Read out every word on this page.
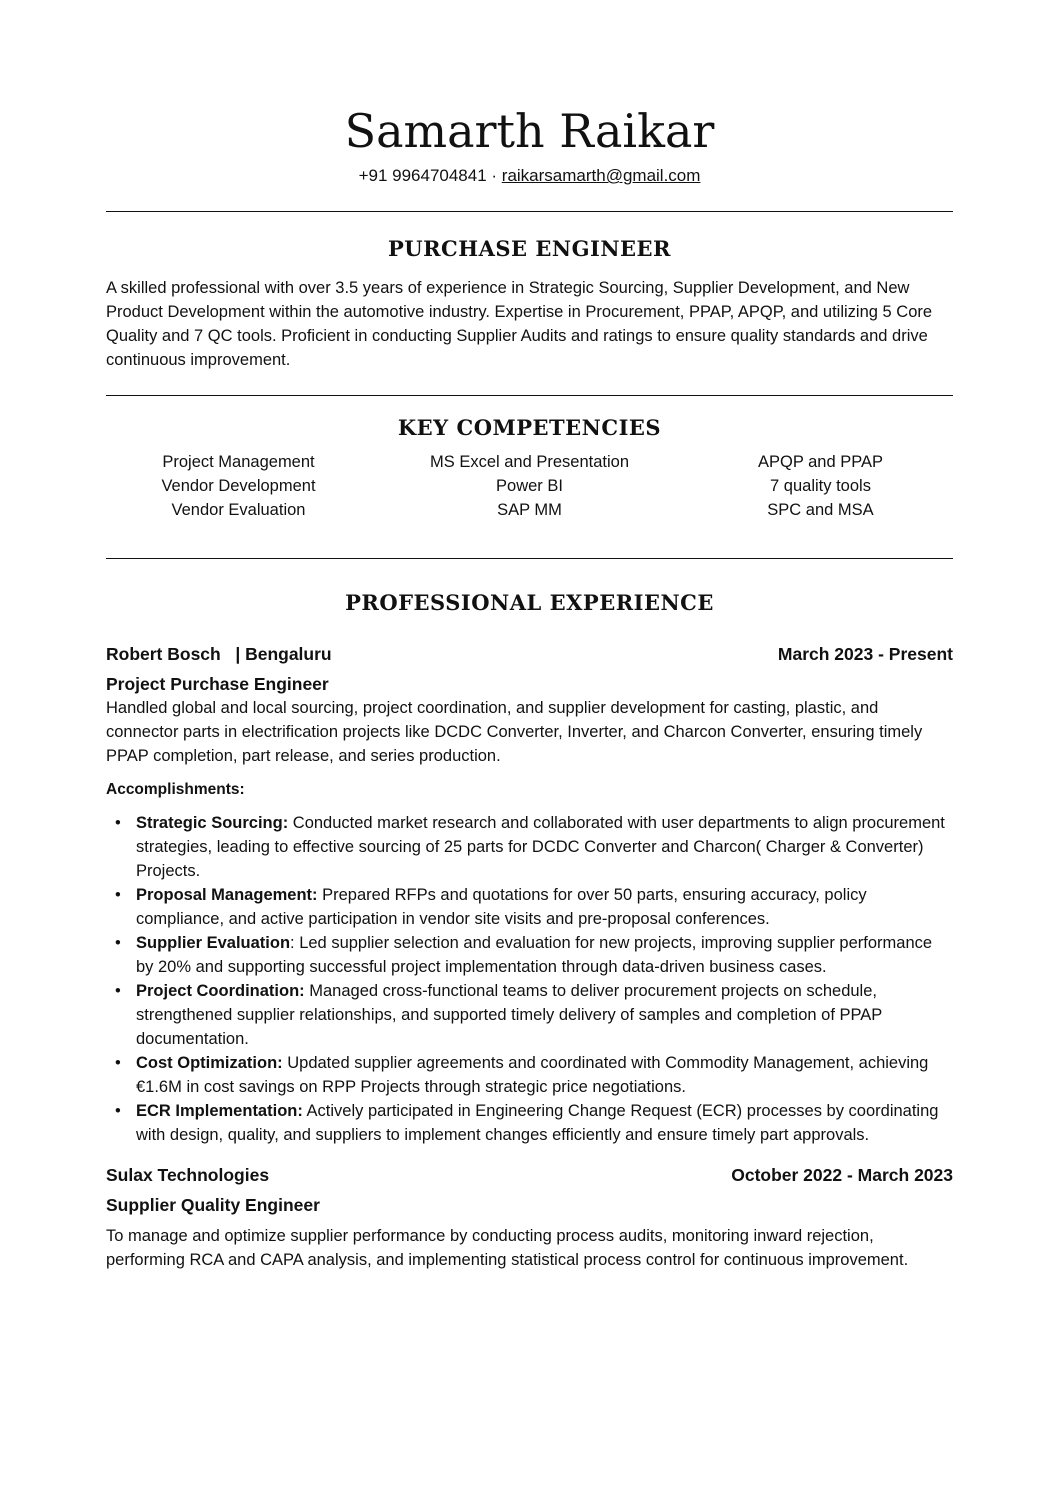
Samarth Raikar
+91 9964704841 · raikarsamarth@gmail.com
PURCHASE ENGINEER

A skilled professional with over 3.5 years of experience in Strategic Sourcing, Supplier Development, and New Product Development within the automotive industry. Expertise in Procurement, PPAP, APQP, and utilizing 5 Core Quality and 7 QC tools. Proficient in conducting Supplier Audits and ratings to ensure quality standards and drive continuous improvement.

KEY COMPETENCIES
Project Management
Vendor Development
Vendor Evaluation
MS Excel and Presentation
Power BI
SAP MM
APQP and PPAP
7 quality tools
SPC and MSA
PROFESSIONAL EXPERIENCE
Robert Bosch   | Bengaluru	March 2023 - Present
Project Purchase Engineer

Handled global and local sourcing, project coordination, and supplier development for casting, plastic, and connector parts in electrification projects like DCDC Converter, Inverter, and Charcon Converter, ensuring timely PPAP completion, part release, and series production.

Accomplishments:
• Strategic Sourcing: Conducted market research and collaborated with user departments to align procurement strategies, leading to effective sourcing of 25 parts for DCDC Converter and Charcon( Charger & Converter) Projects.
• Proposal Management: Prepared RFPs and quotations for over 50 parts, ensuring accuracy, policy compliance, and active participation in vendor site visits and pre-proposal conferences.
• Supplier Evaluation: Led supplier selection and evaluation for new projects, improving supplier performance by 20% and supporting successful project implementation through data-driven business cases.
• Project Coordination: Managed cross-functional teams to deliver procurement projects on schedule, strengthened supplier relationships, and supported timely delivery of samples and completion of PPAP documentation.
• Cost Optimization: Updated supplier agreements and coordinated with Commodity Management, achieving €1.6M in cost savings on RPP Projects through strategic price negotiations.
• ECR Implementation: Actively participated in Engineering Change Request (ECR) processes by coordinating with design, quality, and suppliers to implement changes efficiently and ensure timely part approvals.
Sulax Technologies	October 2022 - March 2023
Supplier Quality Engineer

To manage and optimize supplier performance by conducting process audits, monitoring inward rejection, performing RCA and CAPA analysis, and implementing statistical process control for continuous improvement.
